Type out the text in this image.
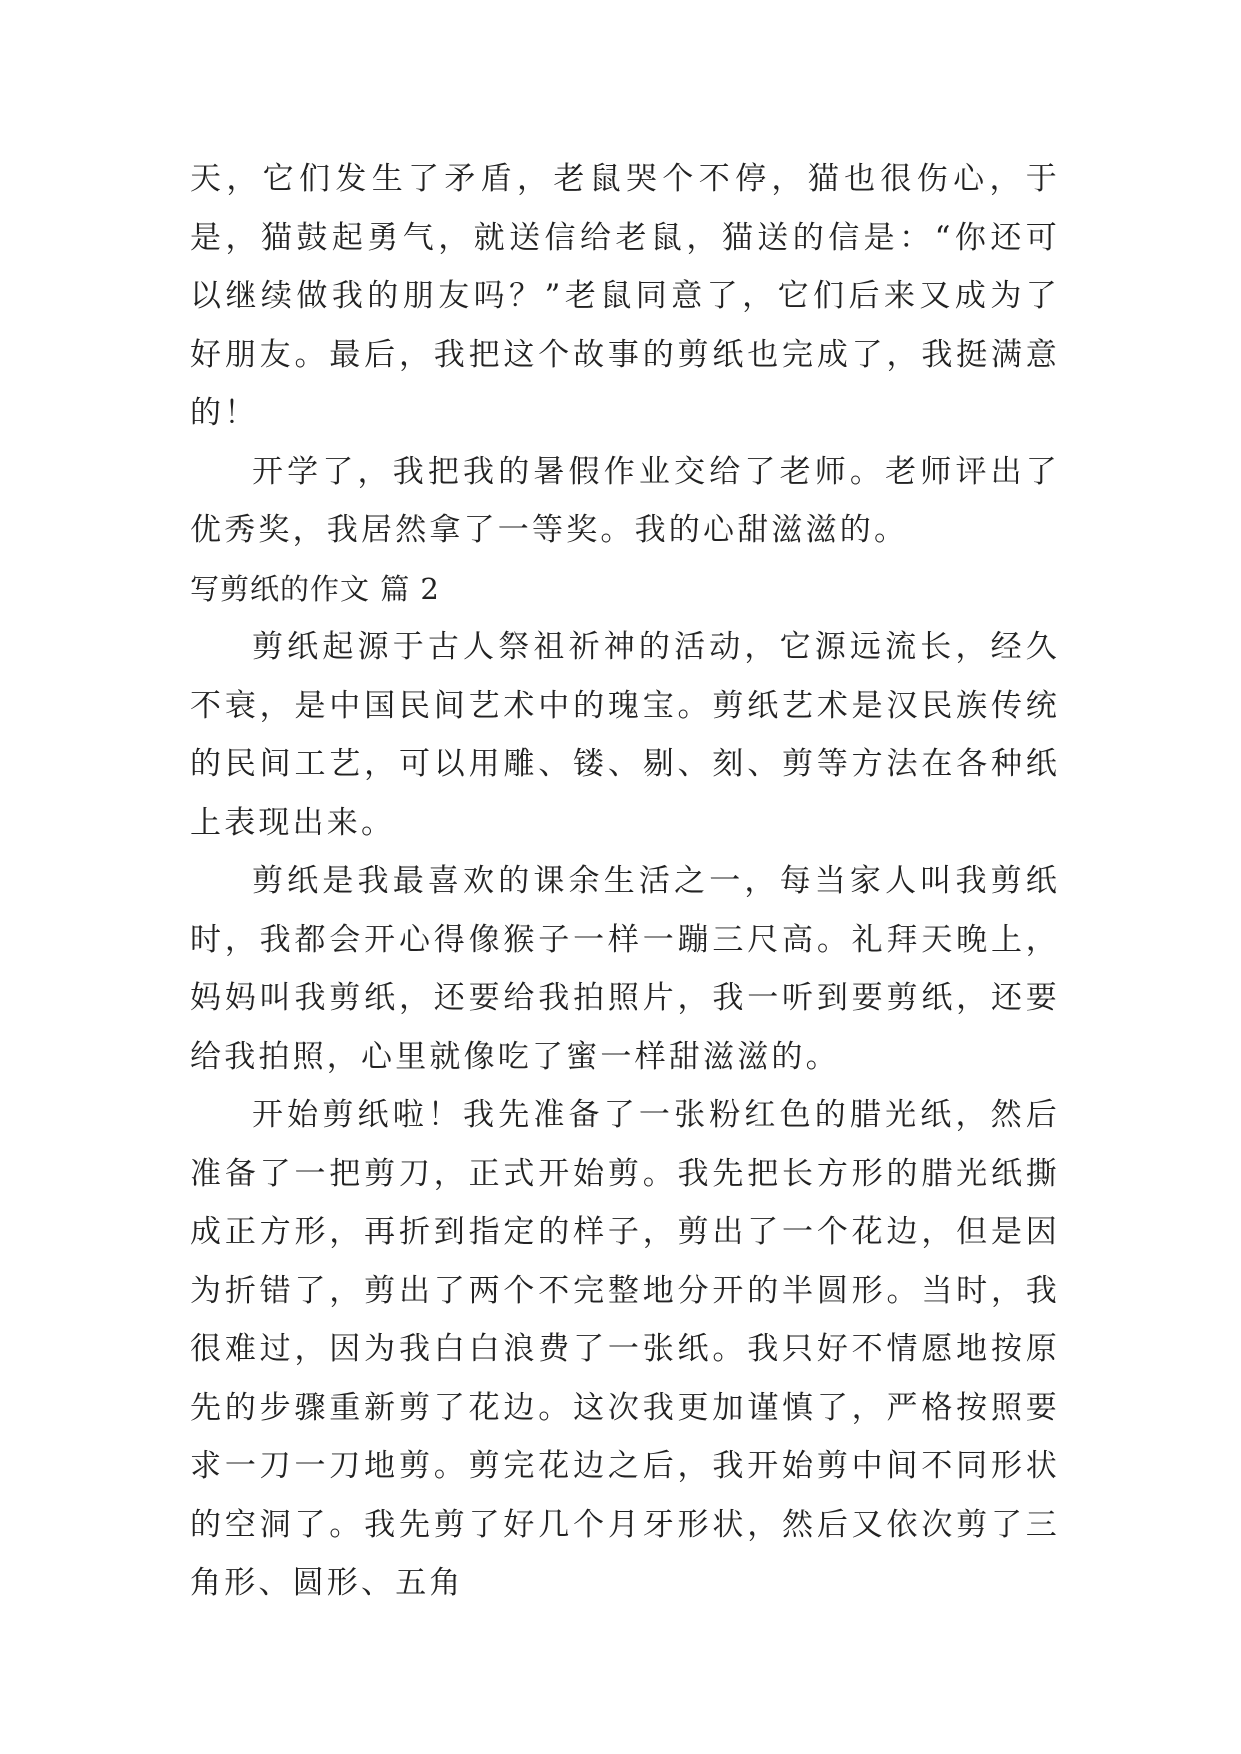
天，它们发生了矛盾，老鼠哭个不停，猫也很伤心，于是，猫鼓起勇气，就送信给老鼠，猫送的信是：“你还可以继续做我的朋友吗？”老鼠同意了，它们后来又成为了好朋友。最后，我把这个故事的剪纸也完成了，我挺满意的！

开学了，我把我的暑假作业交给了老师。老师评出了优秀奖，我居然拿了一等奖。我的心甜滋滋的。

写剪纸的作文 篇 2

剪纸起源于古人祭祖祈神的活动，它源远流长，经久不衰，是中国民间艺术中的瑰宝。剪纸艺术是汉民族传统的民间工艺，可以用雕、镂、剔、刻、剪等方法在各种纸上表现出来。

剪纸是我最喜欢的课余生活之一，每当家人叫我剪纸时，我都会开心得像猴子一样一蹦三尺高。礼拜天晚上，妈妈叫我剪纸，还要给我拍照片，我一听到要剪纸，还要给我拍照，心里就像吃了蜜一样甜滋滋的。

开始剪纸啦！我先准备了一张粉红色的腊光纸，然后准备了一把剪刀，正式开始剪。我先把长方形的腊光纸撕成正方形，再折到指定的样子，剪出了一个花边，但是因为折错了，剪出了两个不完整地分开的半圆形。当时，我很难过，因为我白白浪费了一张纸。我只好不情愿地按原先的步骤重新剪了花边。这次我更加谨慎了，严格按照要求一刀一刀地剪。剪完花边之后，我开始剪中间不同形状的空洞了。我先剪了好几个月牙形状，然后又依次剪了三角形、圆形、五角
